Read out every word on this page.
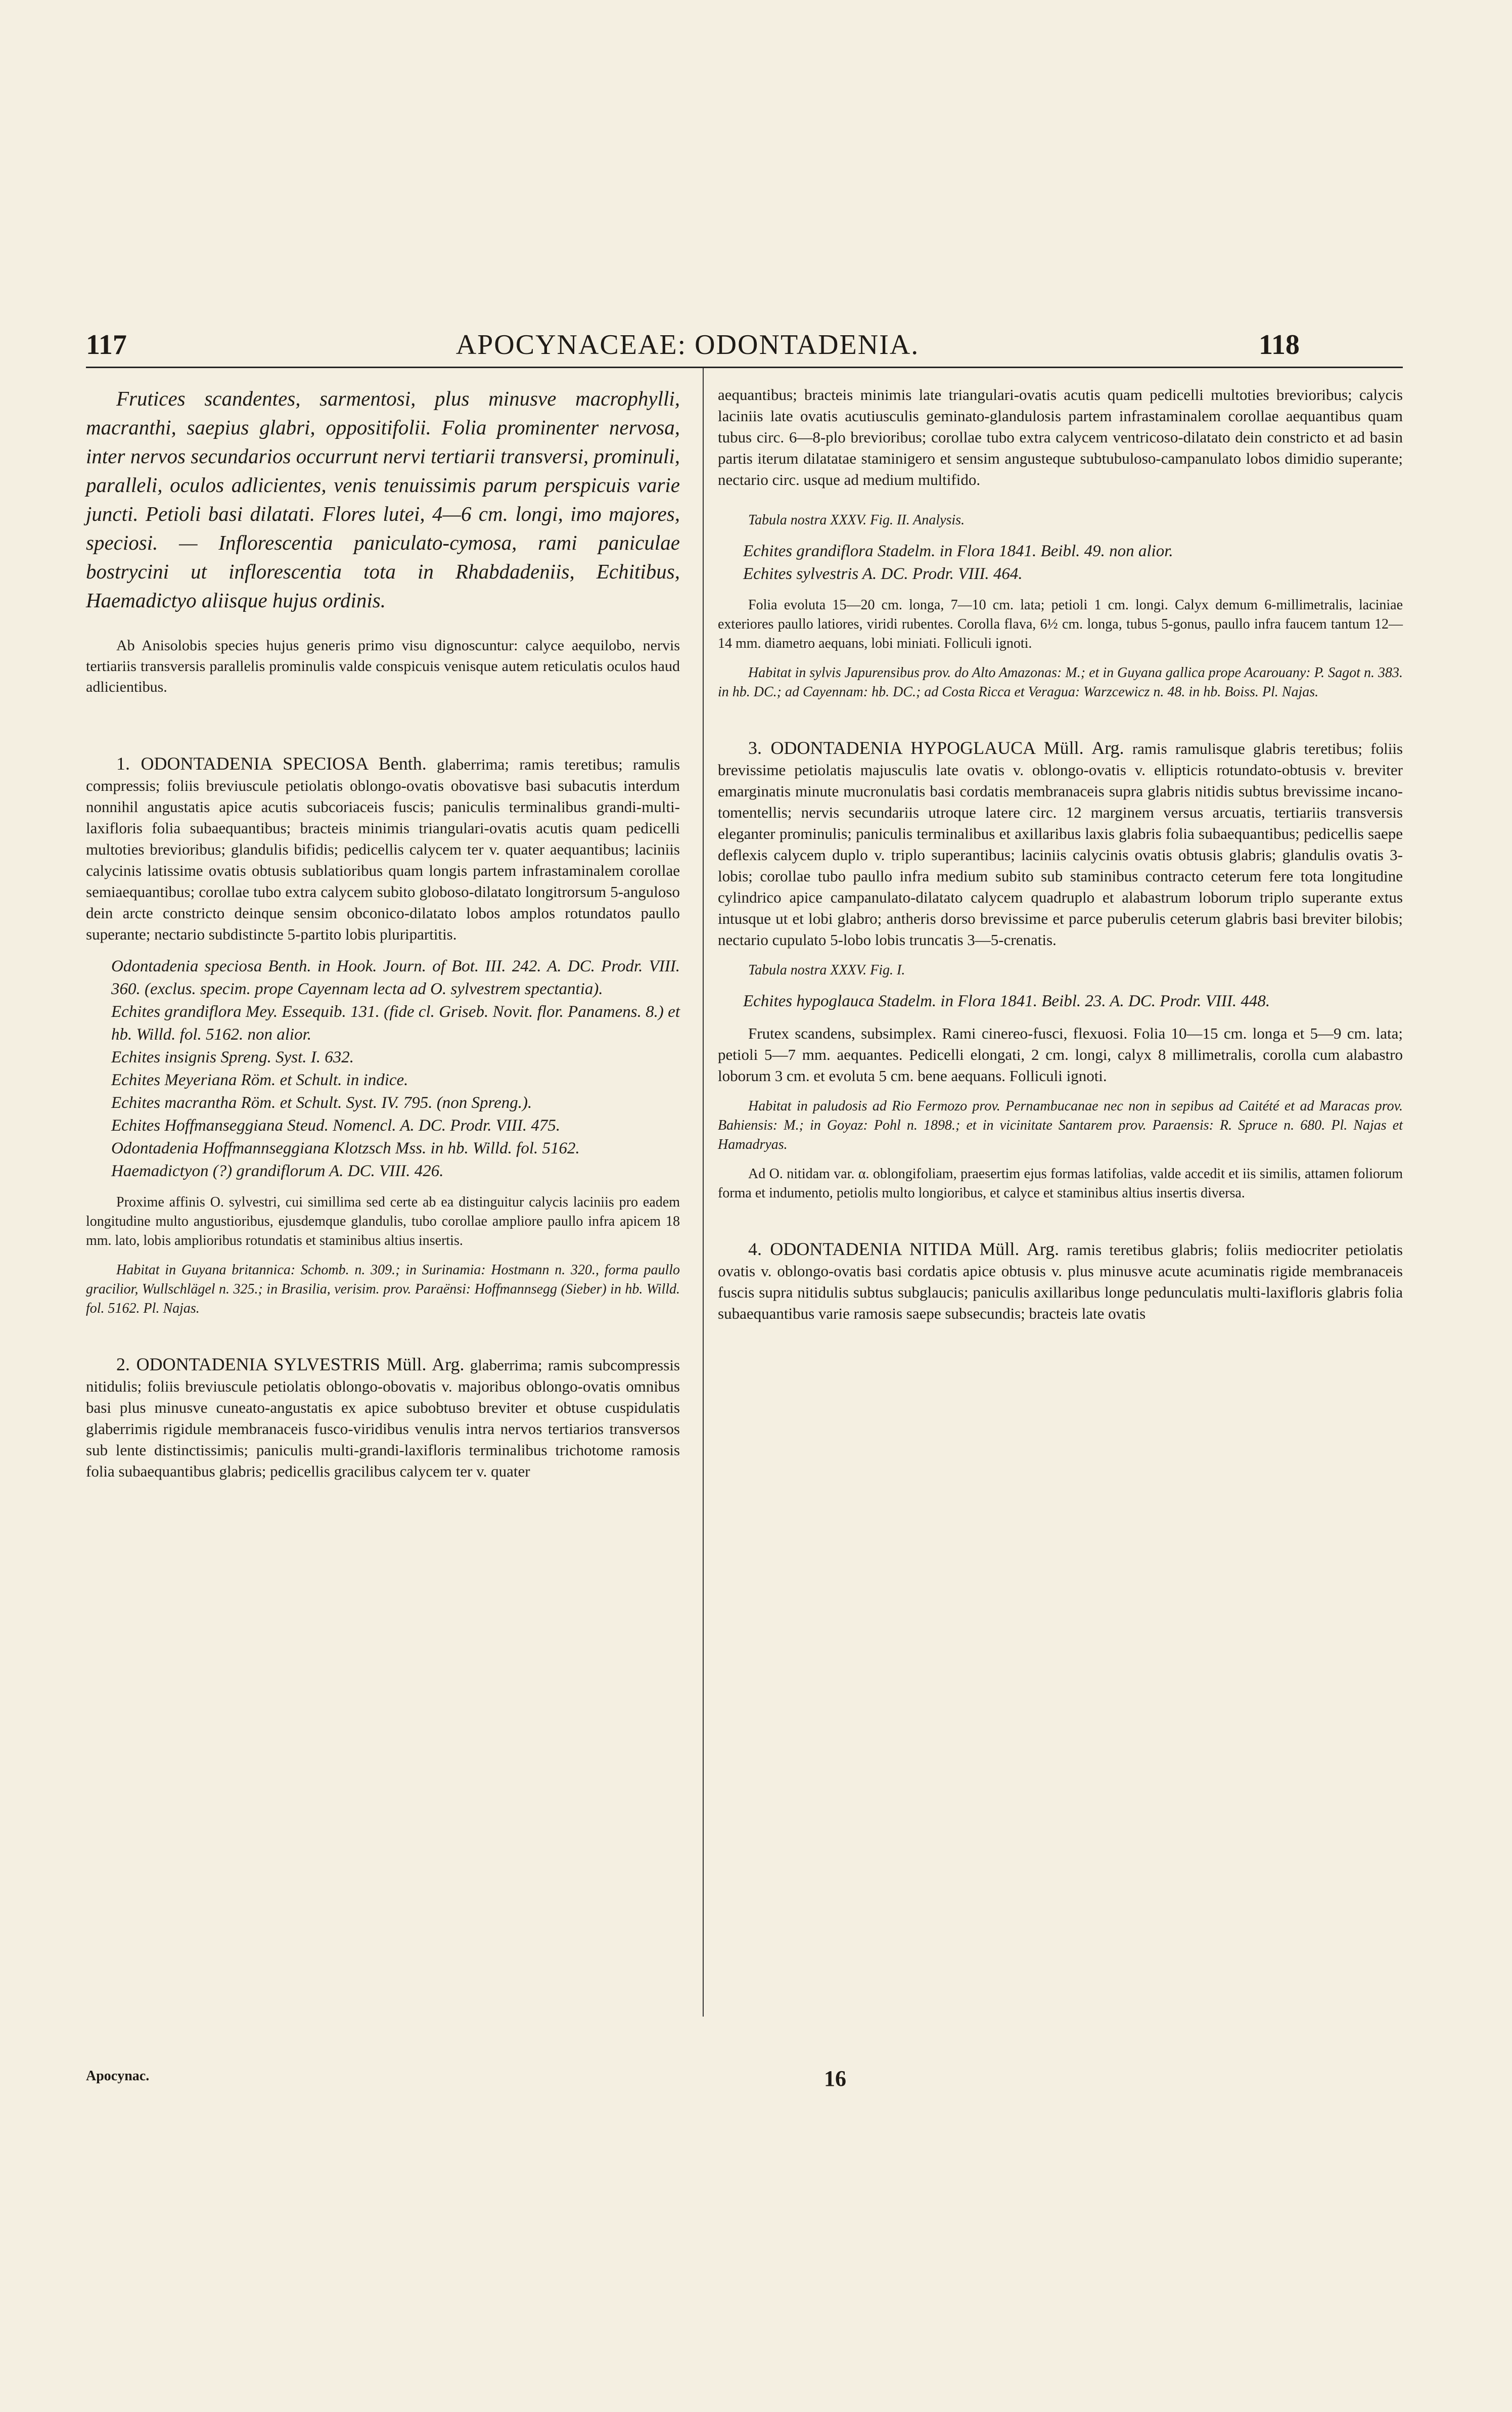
117	APOCYNACEAE: ODONTADENIA.	118

Frutices scandentes, sarmentosi, plus minusve macrophylli, macranthi, saepius glabri, oppositifolii. Folia prominenter nervosa, inter nervos secundarios occurrunt nervi tertiarii transversi, prominuli, paralleli, oculos adlicientes, venis tenuissimis parum perspicuis varie juncti. Petioli basi dilatati. Flores lutei, 4—6 cm. longi, imo majores, speciosi. — Inflorescentia paniculato-cymosa, rami paniculae bostrycini ut inflorescentia tota in Rhabdadeniis, Echitibus, Haemadictyo aliisque hujus ordinis.

Ab Anisolobis species hujus generis primo visu dignoscuntur: calyce aequilobo, nervis tertiariis transversis parallelis prominulis valde conspicuis venisque autem reticulatis oculos haud adlicientibus.

1. ODONTADENIA SPECIOSA Benth. glaberrima; ramis teretibus; ramulis compressis; foliis breviuscule petiolatis oblongo-ovatis obovatisve basi subacutis interdum nonnihil angustatis apice acutis subcoriaceis fuscis; paniculis terminalibus grandi-multi-laxifloris folia subaequantibus; bracteis minimis triangulari-ovatis acutis quam pedicelli multoties brevioribus; glandulis bifidis; pedicellis calycem ter v. quater aequantibus; laciniis calycinis latissime ovatis obtusis sublatioribus quam longis partem infrastaminalem corollae semiaequantibus; corollae tubo extra calycem subito globoso-dilatato longitrorsum 5-anguloso dein arcte constricto deinque sensim obconico-dilatato lobos amplos rotundatos paullo superante; nectario subdistincte 5-partito lobis pluripartitis.

Odontadenia speciosa Benth. in Hook. Journ. of Bot. III. 242. A. DC. Prodr. VIII. 360. (exclus. specim. prope Cayennam lecta ad O. sylvestrem spectantia).

Echites grandiflora Mey. Essequib. 131. (fide cl. Griseb. Novit. flor. Panamens. 8.) et hb. Willd. fol. 5162. non alior.

Echites insignis Spreng. Syst. I. 632.

Echites Meyeriana Röm. et Schult. in indice.

Echites macrantha Röm. et Schult. Syst. IV. 795. (non Spreng.).

Echites Hoffmanseggiana Steud. Nomencl. A. DC. Prodr. VIII. 475.

Odontadenia Hoffmannseggiana Klotzsch Mss. in hb. Willd. fol. 5162.

Haemadictyon (?) grandiflorum A. DC. VIII. 426.

Proxime affinis O. sylvestri, cui simillima sed certe ab ea distinguitur calycis laciniis pro eadem longitudine multo angustioribus, ejusdemque glandulis, tubo corollae ampliore paullo infra apicem 18 mm. lato, lobis amplioribus rotundatis et staminibus altius insertis.

Habitat in Guyana britannica: Schomb. n. 309.; in Surinamia: Hostmann n. 320., forma paullo gracilior, Wullschlägel n. 325.; in Brasilia, verisim. prov. Paraënsi: Hoffmannsegg (Sieber) in hb. Willd. fol. 5162. Pl. Najas.

2. ODONTADENIA SYLVESTRIS Müll. Arg. glaberrima; ramis subcompressis nitidulis; foliis breviuscule petiolatis oblongo-obovatis v. majoribus oblongo-ovatis omnibus basi plus minusve cuneato-angustatis ex apice subobtuso breviter et obtuse cuspidulatis glaberrimis rigidule membranaceis fusco-viridibus venulis intra nervos tertiarios transversos sub lente distinctissimis; paniculis multi-grandi-laxifloris terminalibus trichotome ramosis folia subaequantibus glabris; pedicellis gracilibus calycem ter v. quater

Apocynac.

aequantibus; bracteis minimis late triangulari-ovatis acutis quam pedicelli multoties brevioribus; calycis laciniis late ovatis acutiusculis geminato-glandulosis partem infrastaminalem corollae aequantibus quam tubus circ. 6—8-plo brevioribus; corollae tubo extra calycem ventricoso-dilatato dein constricto et ad basin partis iterum dilatatae staminigero et sensim angusteque subtubuloso-campanulato lobos dimidio superante; nectario circ. usque ad medium multifido.

Tabula nostra XXXV. Fig. II. Analysis.

Echites grandiflora Stadelm. in Flora 1841. Beibl. 49. non alior.

Echites sylvestris A. DC. Prodr. VIII. 464.

Folia evoluta 15—20 cm. longa, 7—10 cm. lata; petioli 1 cm. longi. Calyx demum 6-millimetralis, laciniae exteriores paullo latiores, viridi rubentes. Corolla flava, 6½ cm. longa, tubus 5-gonus, paullo infra faucem tantum 12—14 mm. diametro aequans, lobi miniati. Folliculi ignoti.

Habitat in sylvis Japurensibus prov. do Alto Amazonas: M.; et in Guyana gallica prope Acarouany: P. Sagot n. 383. in hb. DC.; ad Cayennam: hb. DC.; ad Costa Ricca et Veragua: Warzcewicz n. 48. in hb. Boiss. Pl. Najas.

3. ODONTADENIA HYPOGLAUCA Müll. Arg. ramis ramulisque glabris teretibus; foliis brevissime petiolatis majusculis late ovatis v. oblongo-ovatis v. ellipticis rotundato-obtusis v. breviter emarginatis minute mucronulatis basi cordatis membranaceis supra glabris nitidis subtus brevissime incano-tomentellis; nervis secundariis utroque latere circ. 12 marginem versus arcuatis, tertiariis transversis eleganter prominulis; paniculis terminalibus et axillaribus laxis glabris folia subaequantibus; pedicellis saepe deflexis calycem duplo v. triplo superantibus; laciniis calycinis ovatis obtusis glabris; glandulis ovatis 3-lobis; corollae tubo paullo infra medium subito sub staminibus contracto ceterum fere tota longitudine cylindrico apice campanulato-dilatato calycem quadruplo et alabastrum loborum triplo superante extus intusque ut et lobi glabro; antheris dorso brevissime et parce puberulis ceterum glabris basi breviter bilobis; nectario cupulato 5-lobo lobis truncatis 3—5-crenatis.

Tabula nostra XXXV. Fig. I.

Echites hypoglauca Stadelm. in Flora 1841. Beibl. 23. A. DC. Prodr. VIII. 448.

Frutex scandens, subsimplex. Rami cinereo-fusci, flexuosi. Folia 10—15 cm. longa et 5—9 cm. lata; petioli 5—7 mm. aequantes. Pedicelli elongati, 2 cm. longi, calyx 8 millimetralis, corolla cum alabastro loborum 3 cm. et evoluta 5 cm. bene aequans. Folliculi ignoti.

Habitat in paludosis ad Rio Fermozo prov. Pernambucanae nec non in sepibus ad Caitété et ad Maracas prov. Bahiensis: M.; in Goyaz: Pohl n. 1898.; et in vicinitate Santarem prov. Paraensis: R. Spruce n. 680. Pl. Najas et Hamadryas.

Ad O. nitidam var. α. oblongifoliam, praesertim ejus formas latifolias, valde accedit et iis similis, attamen foliorum forma et indumento, petiolis multo longioribus, et calyce et staminibus altius insertis diversa.

4. ODONTADENIA NITIDA Müll. Arg. ramis teretibus glabris; foliis mediocriter petiolatis ovatis v. oblongo-ovatis basi cordatis apice obtusis v. plus minusve acute acuminatis rigide membranaceis fuscis supra nitidulis subtus subglaucis; paniculis axillaribus longe pedunculatis multi-laxifloris glabris folia subaequantibus varie ramosis saepe subsecundis; bracteis late ovatis

16
